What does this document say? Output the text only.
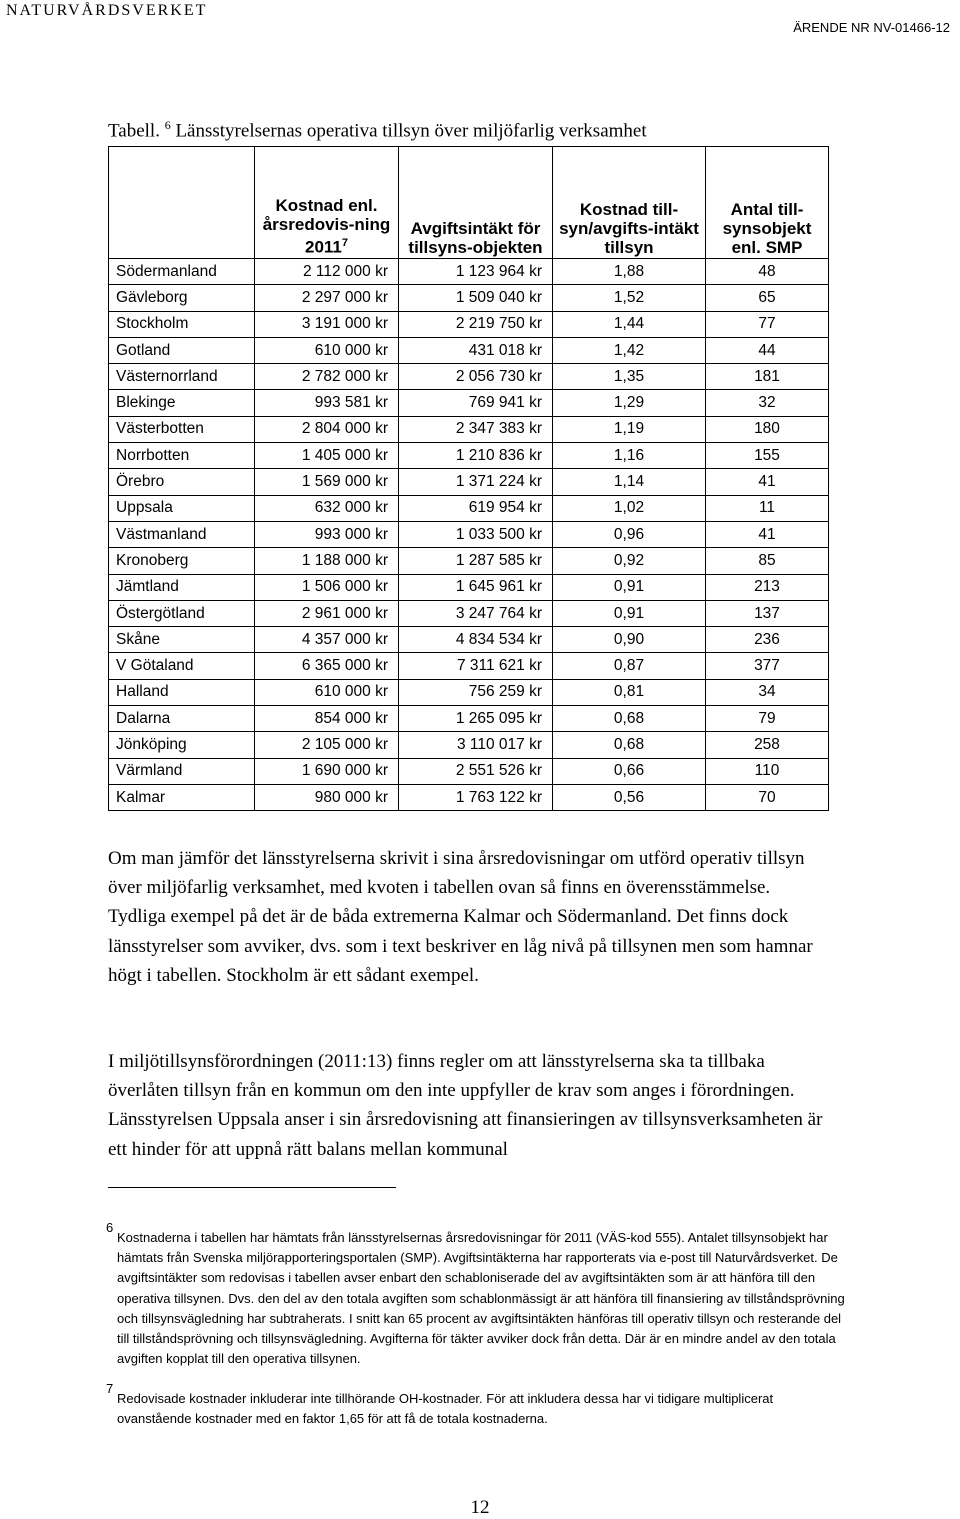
NATURVÅRDSVERKET
ÄRENDE NR NV-01466-12
Tabell. $^6$ Länsstyrelsernas operativa tillsyn över miljöfarlig verksamhet
	Kostnad enl. årsredovis-ning 2011$^7$	Avgiftsintäkt för tillsyns-objekten	Kostnad till-syn/avgifts-intäkt tillsyn	Antal till-synsobjekt enl. SMP
Södermanland	2 112 000 kr	1 123 964 kr	1,88	48
Gävleborg	2 297 000 kr	1 509 040 kr	1,52	65
Stockholm	3 191 000 kr	2 219 750 kr	1,44	77
Gotland	610 000 kr	431 018 kr	1,42	44
Västernorrland	2 782 000 kr	2 056 730 kr	1,35	181
Blekinge	993 581 kr	769 941 kr	1,29	32
Västerbotten	2 804 000 kr	2 347 383 kr	1,19	180
Norrbotten	1 405 000 kr	1 210 836 kr	1,16	155
Örebro	1 569 000 kr	1 371 224 kr	1,14	41
Uppsala	632 000 kr	619 954 kr	1,02	11
Västmanland	993 000 kr	1 033 500 kr	0,96	41
Kronoberg	1 188 000 kr	1 287 585 kr	0,92	85
Jämtland	1 506 000 kr	1 645 961 kr	0,91	213
Östergötland	2 961 000 kr	3 247 764 kr	0,91	137
Skåne	4 357 000 kr	4 834 534 kr	0,90	236
V Götaland	6 365 000 kr	7 311 621 kr	0,87	377
Halland	610 000 kr	756 259 kr	0,81	34
Dalarna	854 000 kr	1 265 095 kr	0,68	79
Jönköping	2 105 000 kr	3 110 017 kr	0,68	258
Värmland	1 690 000 kr	2 551 526 kr	0,66	110
Kalmar	980 000 kr	1 763 122 kr	0,56	70

Om man jämför det länsstyrelserna skrivit i sina årsredovisningar om utförd operativ tillsyn över miljöfarlig verksamhet, med kvoten i tabellen ovan så finns en överensstämmelse. Tydliga exempel på det är de båda extremerna Kalmar och Södermanland. Det finns dock länsstyrelser som avviker, dvs. som i text beskriver en låg nivå på tillsynen men som hamnar högt i tabellen. Stockholm är ett sådant exempel.

I miljötillsynsförordningen (2011:13) finns regler om att länsstyrelserna ska ta tillbaka överlåten tillsyn från en kommun om den inte uppfyller de krav som anges i förordningen. Länsstyrelsen Uppsala anser i sin årsredovisning att finansieringen av tillsynsverksamheten är ett hinder för att uppnå rätt balans mellan kommunal

6

Kostnaderna i tabellen har hämtats från länsstyrelsernas årsredovisningar för 2011 (VÄS-kod 555). Antalet tillsynsobjekt har hämtats från Svenska miljörapporteringsportalen (SMP). Avgiftsintäkterna har rapporterats via e-post till Naturvårdsverket. De avgiftsintäkter som redovisas i tabellen avser enbart den schabloniserade del av avgiftsintäkten som är att hänföra till den operativa tillsynen. Dvs. den del av den totala avgiften som schablonmässigt är att hänföra till finansiering av tillståndsprövning och tillsynsvägledning har subtraherats. I snitt kan 65 procent av avgiftsintäkten hänföras till operativ tillsyn och resterande del till tillståndsprövning och tillsynsvägledning. Avgifterna för täkter avviker dock från detta. Där är en mindre andel av den totala avgiften kopplat till den operativa tillsynen.

7

Redovisade kostnader inkluderar inte tillhörande OH-kostnader. För att inkludera dessa har vi tidigare multiplicerat ovanstående kostnader med en faktor 1,65 för att få de totala kostnaderna.

12
